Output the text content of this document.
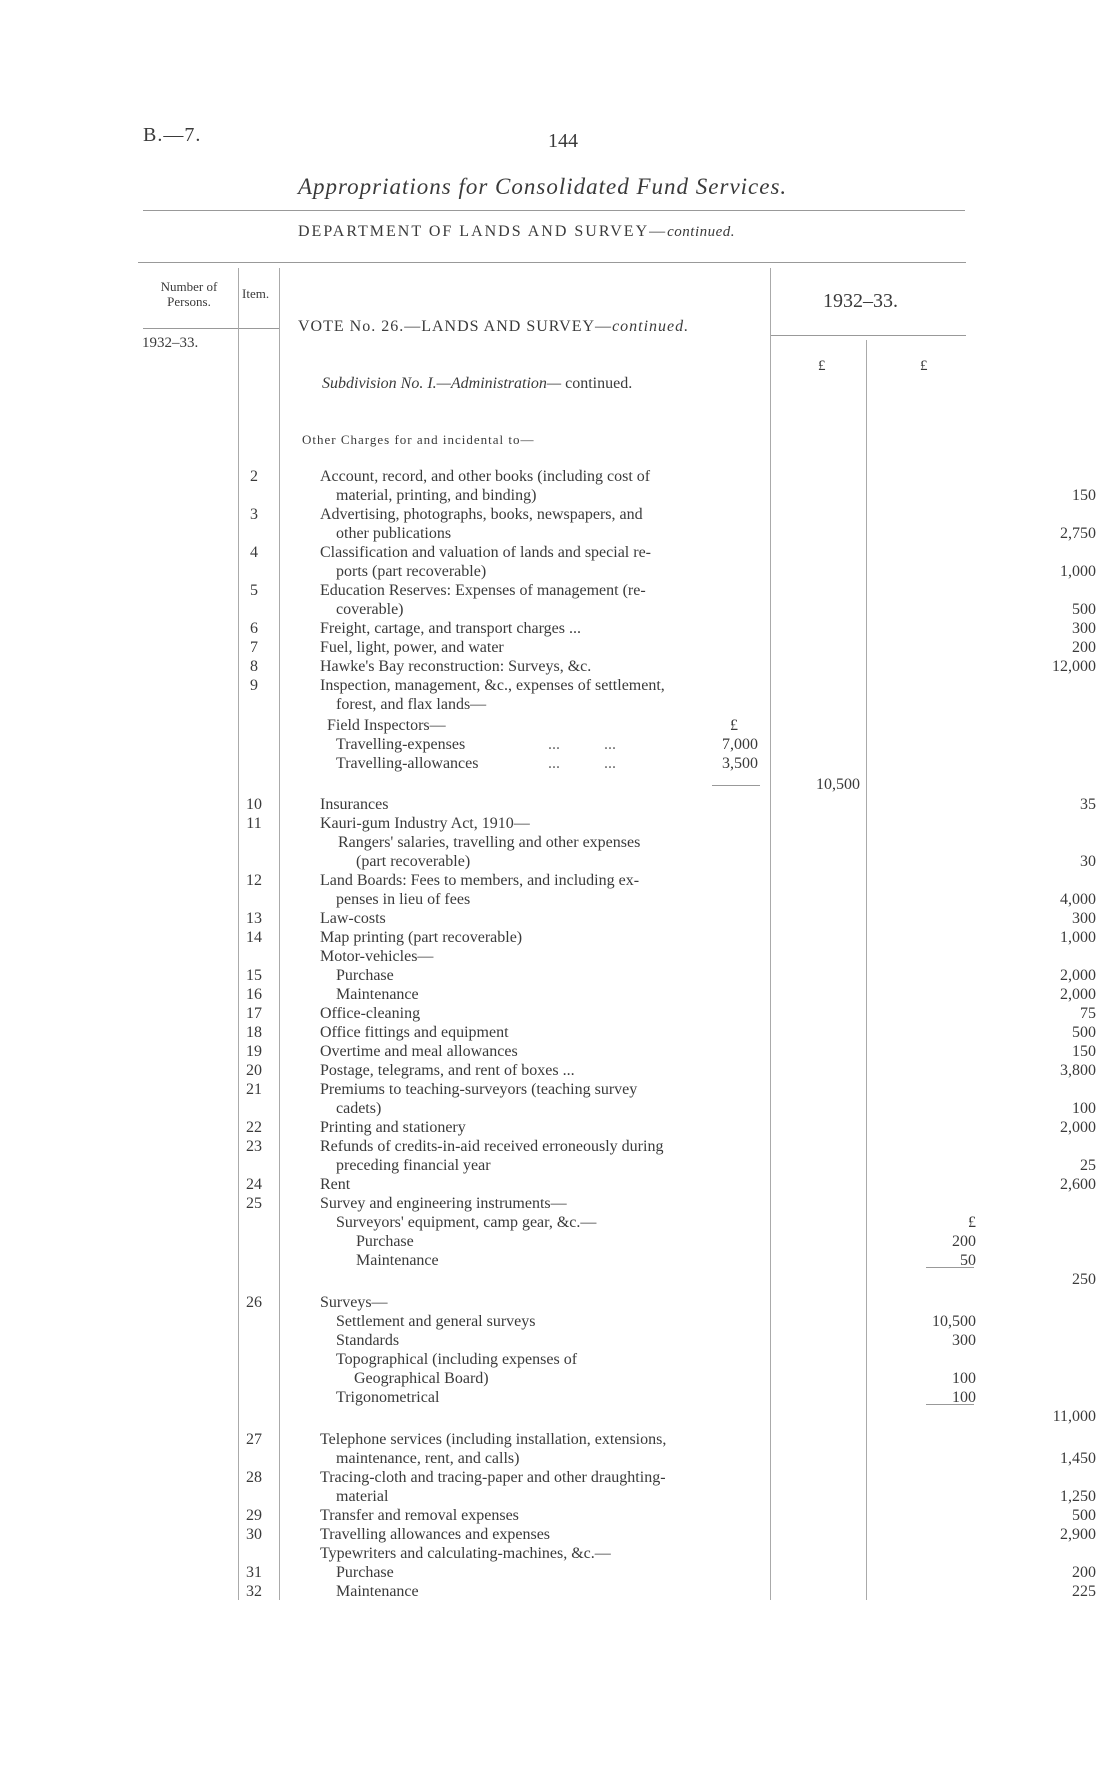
B.—7.	144
Appropriations for Consolidated Fund Services.
DEPARTMENT OF LANDS AND SURVEY—continued.
Number of Persons.
Item.
1932–33.
1932–33.
VOTE No. 26.—LANDS AND SURVEY—continued.
£	£
Subdivision No. I.—Administration— continued.
Other Charges for and incidental to—
2	Account, record, and other books (including cost of
material, printing, and binding)	150
3	Advertising, photographs, books, newspapers, and
other publications	2,750
4	Classification and valuation of lands and special re-
ports (part recoverable)	1,000
5	Education Reserves: Expenses of management (re-
coverable)	500
6	Freight, cartage, and transport charges ...	300
7	Fuel, light, power, and water	200
8	Hawke's Bay reconstruction: Surveys, &c.	12,000
9	Inspection, management, &c., expenses of settlement,
forest, and flax lands—
Field Inspectors—	£
Travelling-expenses	...           ...	7,000
Travelling-allowances	...           ...	3,500
10,500
10	Insurances	35
11	Kauri-gum Industry Act, 1910—
Rangers' salaries, travelling and other expenses
(part recoverable)	30
12	Land Boards: Fees to members, and including ex-
penses in lieu of fees	4,000
13	Law-costs	300
14	Map printing (part recoverable)	1,000
Motor-vehicles—
15	Purchase	2,000
16	Maintenance	2,000
17	Office-cleaning	75
18	Office fittings and equipment	500
19	Overtime and meal allowances	150
20	Postage, telegrams, and rent of boxes ...	3,800
21	Premiums to teaching-surveyors (teaching survey
cadets)	100
22	Printing and stationery	2,000
23	Refunds of credits-in-aid received erroneously during
preceding financial year	25
24	Rent	2,600
25	Survey and engineering instruments—
Surveyors' equipment, camp gear, &c.—	£
Purchase	200
Maintenance	50
250
26	Surveys—
Settlement and general surveys	10,500
Standards	300
Topographical (including expenses of
Geographical Board)	100
Trigonometrical	100
11,000
27	Telephone services (including installation, extensions,
maintenance, rent, and calls)	1,450
28	Tracing-cloth and tracing-paper and other draughting-
material	1,250
29	Transfer and removal expenses	500
30	Travelling allowances and expenses	2,900
Typewriters and calculating-machines, &c.—
31	Purchase	200
32	Maintenance	225
